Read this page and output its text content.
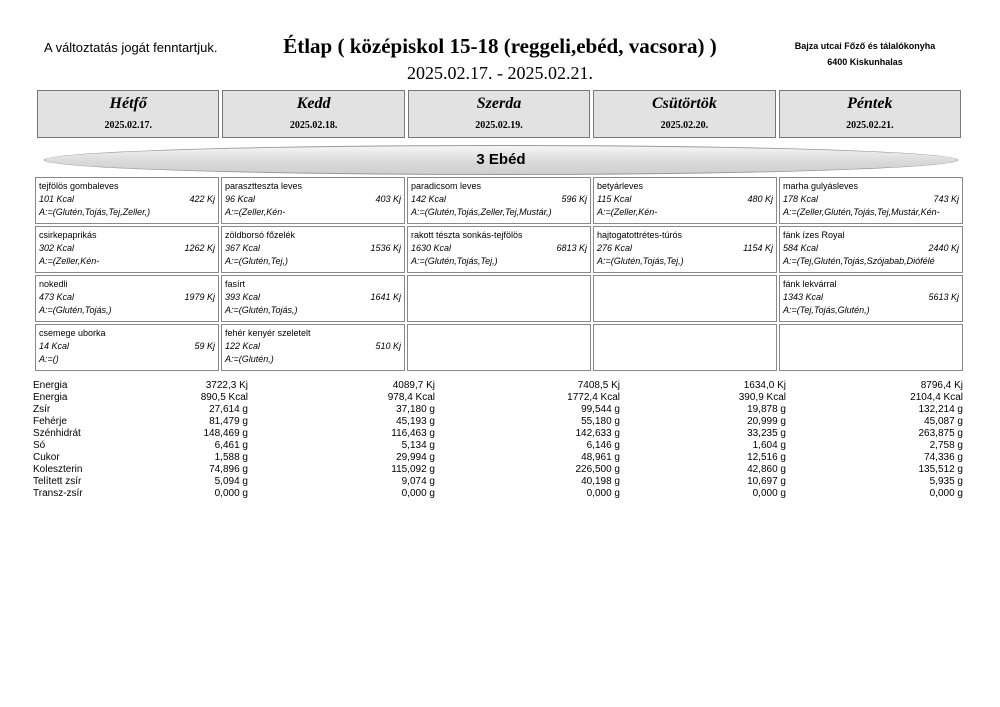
A változtatás jogát fenntartjuk.	Étlap ( középiskol 15-18 (reggeli,ebéd, vacsora) )
2025.02.17. - 2025.02.21.
Bajza utcai Főző és tálalókonyha
6400 Kiskunhalas
Hétfő
2025.02.17.
Kedd
2025.02.18.
Szerda
2025.02.19.
Csütörtök
2025.02.20.
Péntek
2025.02.21.
3 Ebéd
tejfölös gombaleves
101 Kcal	422 Kj
A:=(Glutén,Tojás,Tej,Zeller,)
parasztteszta leves
96 Kcal	403 Kj
A:=(Zeller,Kén-
paradicsom leves
142 Kcal	596 Kj
A:=(Glutén,Tojás,Zeller,Tej,Mustár,)
betyárleves
115 Kcal	480 Kj
A:=(Zeller,Kén-
marha gulyásleves
178 Kcal	743 Kj
A:=(Zeller,Glutén,Tojás,Tej,Mustár,Kén-
csirkepaprikás
302 Kcal	1262 Kj
A:=(Zeller,Kén-
zöldborsó főzelék
367 Kcal	1536 Kj
A:=(Glutén,Tej,)
rakott tészta sonkás-tejfölös
1630 Kcal	6813 Kj
A:=(Glutén,Tojás,Tej,)
hajtogatottrétes-túrós
276 Kcal	1154 Kj
A:=(Glutén,Tojás,Tej,)
fánk ízes Royal
584 Kcal	2440 Kj
A:=(Tej,Glutén,Tojás,Szójabab,Diófélé
nokedli
473 Kcal	1979 Kj
A:=(Glutén,Tojás,)
fasírt
393 Kcal	1641 Kj
A:=(Glutén,Tojás,)
fánk lekvárral
1343 Kcal	5613 Kj
A:=(Tej,Tojás,Glutén,)
csemege uborka
14 Kcal	59 Kj
A:=()
fehér kenyér szeletelt
122 Kcal	510 Kj
A:=(Glutén,)
Energia	3722,3 Kj	4089,7 Kj	7408,5 Kj	1634,0 Kj	8796,4 Kj
Energia	890,5 Kcal	978,4 Kcal	1772,4 Kcal	390,9 Kcal	2104,4 Kcal
Zsír	27,614 g	37,180 g	99,544 g	19,878 g	132,214 g
Fehérje	81,479 g	45,193 g	55,180 g	20,999 g	45,087 g
Szénhidrát	148,469 g	116,463 g	142,633 g	33,235 g	263,875 g
Só	6,461 g	5,134 g	6,146 g	1,604 g	2,758 g
Cukor	1,588 g	29,994 g	48,961 g	12,516 g	74,336 g
Koleszterin	74,896 g	115,092 g	226,500 g	42,860 g	135,512 g
Telített zsír	5,094 g	9,074 g	40,198 g	10,697 g	5,935 g
Transz-zsír	0,000 g	0,000 g	0,000 g	0,000 g	0,000 g
